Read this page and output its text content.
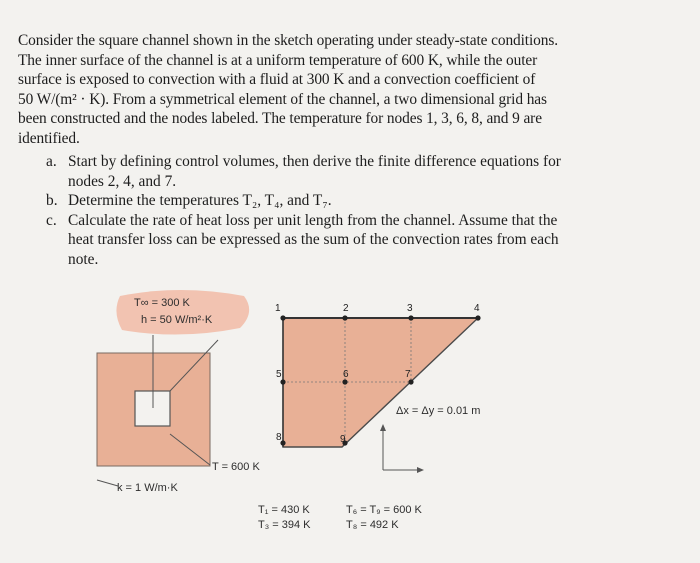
Consider the square channel shown in the sketch operating under steady-state conditions.
The inner surface of the channel is at a uniform temperature of 600 K, while the outer
surface is exposed to convection with a fluid at 300 K and a convection coefficient of
50 W/(m² · K). From a symmetrical element of the channel, a two dimensional grid has
been constructed and the nodes labeled. The temperature for nodes 1, 3, 6, 8, and 9 are
identified.
a. Start by defining control volumes, then derive the finite difference equations for
nodes 2, 4, and 7.
b. Determine the temperatures T₂, T₄, and T₇.
c. Calculate the rate of heat loss per unit length from the channel. Assume that the
heat transfer loss can be expressed as the sum of the convection rates from each
note.
T∞ = 300 K
h = 50 W/m²·K
T = 600 K
k = 1 W/m·K
1	2	3	4
5	6	7
8	9
Δx = Δy = 0.01 m
T₁ = 430 K
T₃ = 394 K
T₆ = T₉ = 600 K
T₈ = 492 K
